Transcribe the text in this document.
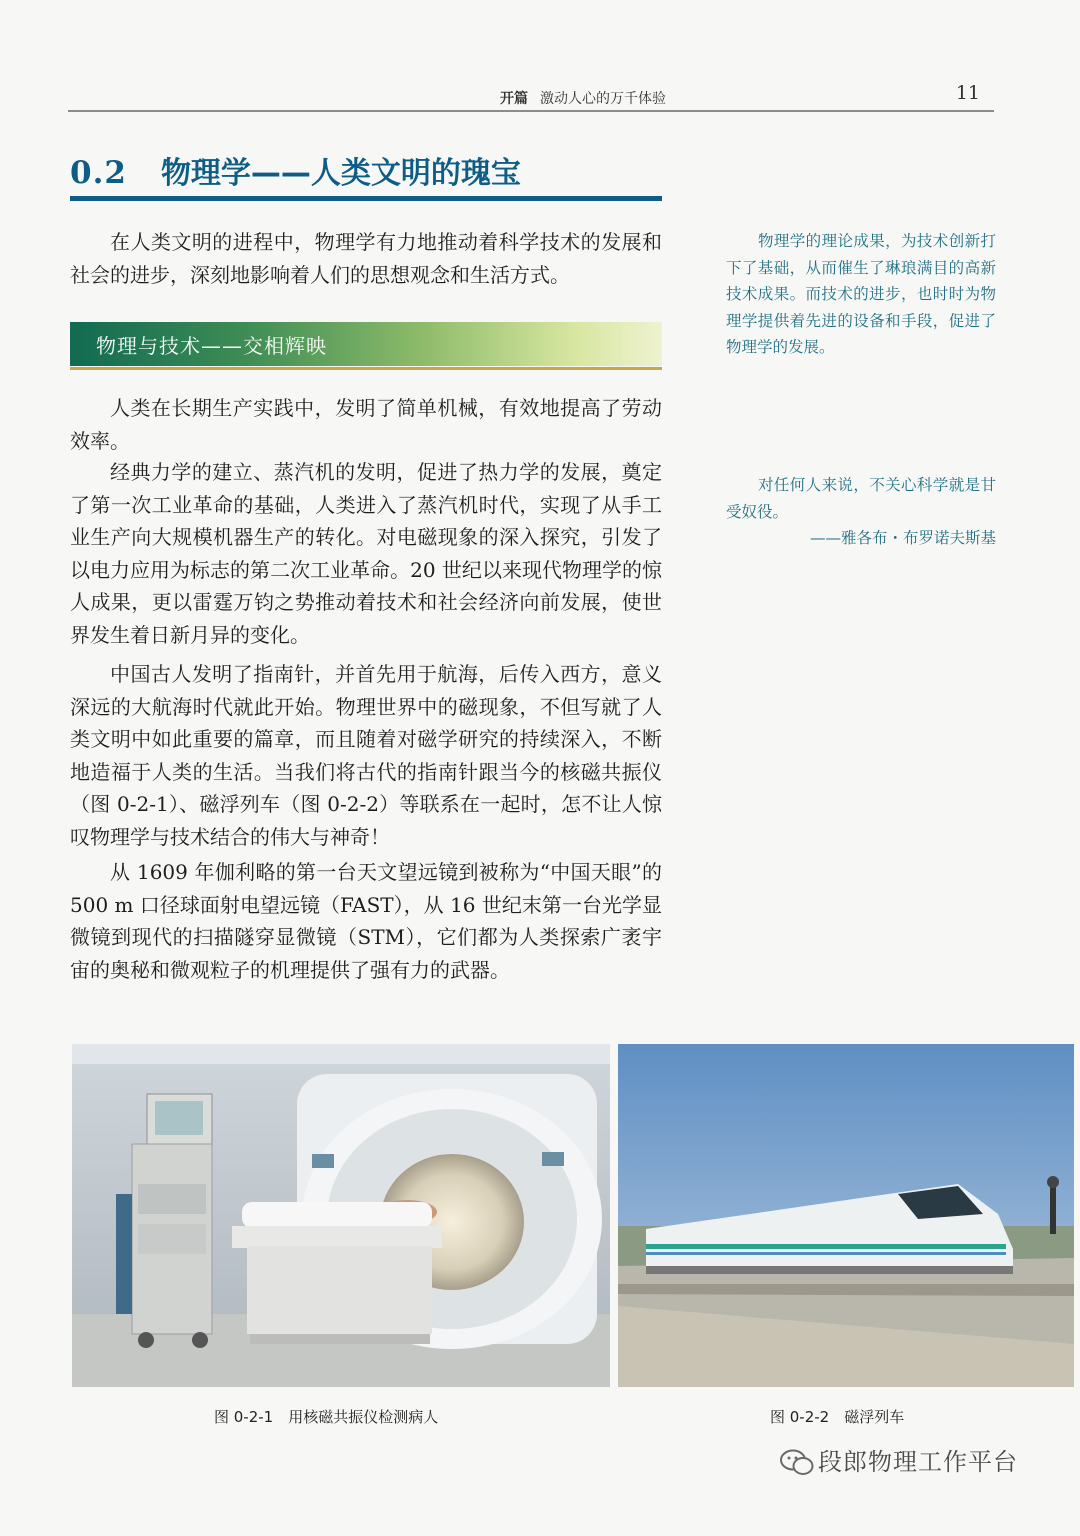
开篇 激动人心的万千体验	11
0.2 物理学——人类文明的瑰宝

在人类文明的进程中，物理学有力地推动着科学技术的发展和社会的进步，深刻地影响着人们的思想观念和生活方式。

物理与技术——交相辉映

人类在长期生产实践中，发明了简单机械，有效地提高了劳动效率。

经典力学的建立、蒸汽机的发明，促进了热力学的发展，奠定了第一次工业革命的基础，人类进入了蒸汽机时代，实现了从手工业生产向大规模机器生产的转化。对电磁现象的深入探究，引发了以电力应用为标志的第二次工业革命。20 世纪以来现代物理学的惊人成果，更以雷霆万钧之势推动着技术和社会经济向前发展，使世界发生着日新月异的变化。

中国古人发明了指南针，并首先用于航海，后传入西方，意义深远的大航海时代就此开始。物理世界中的磁现象，不但写就了人类文明中如此重要的篇章，而且随着对磁学研究的持续深入，不断地造福于人类的生活。当我们将古代的指南针跟当今的核磁共振仪（图 0-2-1）、磁浮列车（图 0-2-2）等联系在一起时，怎不让人惊叹物理学与技术结合的伟大与神奇！

从 1609 年伽利略的第一台天文望远镜到被称为“中国天眼”的 500 m 口径球面射电望远镜（FAST），从 16 世纪末第一台光学显微镜到现代的扫描隧穿显微镜（STM），它们都为人类探索广袤宇宙的奥秘和微观粒子的机理提供了强有力的武器。

物理学的理论成果，为技术创新打下了基础，从而催生了琳琅满目的高新技术成果。而技术的进步，也时时为物理学提供着先进的设备和手段，促进了物理学的发展。

对任何人来说，不关心科学就是甘受奴役。

——雅各布・布罗诺夫斯基

图 0-2-1　用核磁共振仪检测病人	图 0-2-2　磁浮列车
段郎物理工作平台
